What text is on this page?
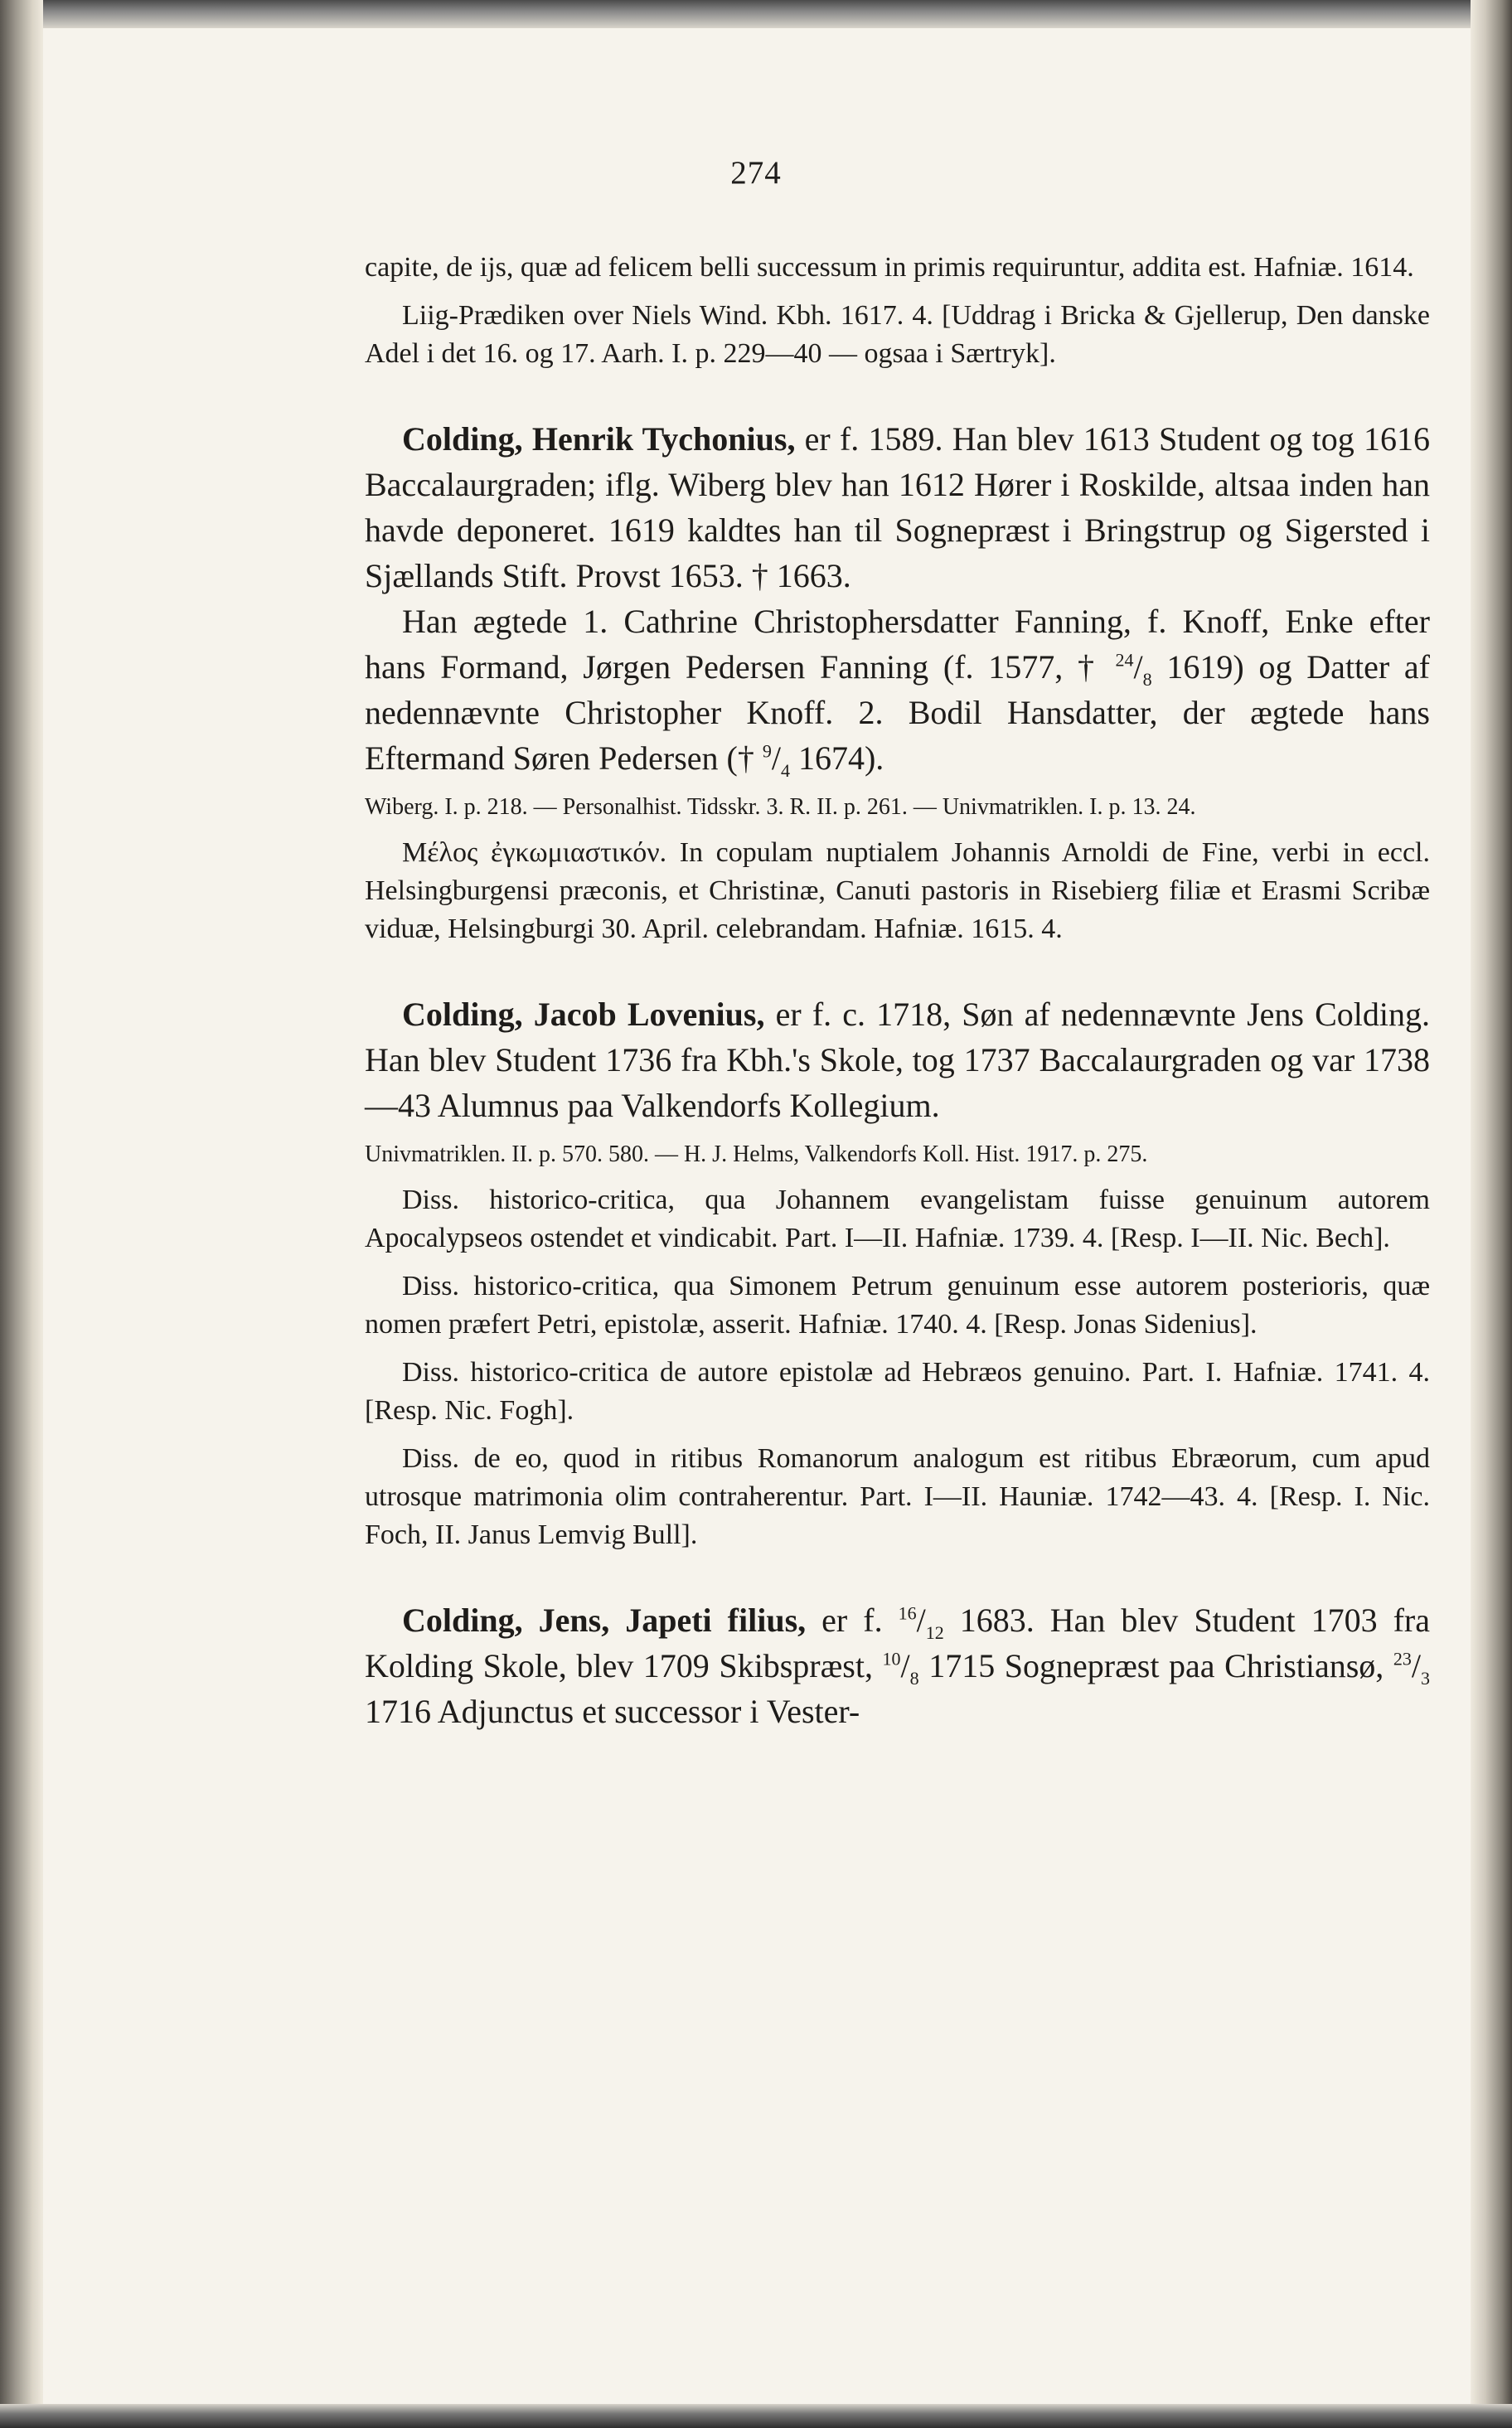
274

capite, de ijs, quæ ad felicem belli successum in primis requiruntur, addita est. Hafniæ. 1614.

Liig-Prædiken over Niels Wind. Kbh. 1617. 4. [Uddrag i Bricka & Gjellerup, Den danske Adel i det 16. og 17. Aarh. I. p. 229—40 — ogsaa i Særtryk].

Colding, Henrik Tychonius, er f. 1589. Han blev 1613 Student og tog 1616 Baccalaurgraden; iflg. Wiberg blev han 1612 Hører i Roskilde, altsaa inden han havde deponeret. 1619 kaldtes han til Sognepræst i Bringstrup og Sigersted i Sjællands Stift. Provst 1653. † 1663.

Han ægtede 1. Cathrine Christophersdatter Fanning, f. Knoff, Enke efter hans Formand, Jørgen Pedersen Fanning (f. 1577, † $^{24}/_8$ 1619) og Datter af nedennævnte Christopher Knoff. 2. Bodil Hansdatter, der ægtede hans Eftermand Søren Pedersen († $^9/_4$ 1674).

Wiberg. I. p. 218. — Personalhist. Tidsskr. 3. R. II. p. 261. — Univmatriklen. I. p. 13. 24.

Μέλος ἐγκωμιαστικόν. In copulam nuptialem Johannis Arnoldi de Fine, verbi in eccl. Helsingburgensi præconis, et Christinæ, Canuti pastoris in Risebierg filiæ et Erasmi Scribæ viduæ, Helsingburgi 30. April. celebrandam. Hafniæ. 1615. 4.

Colding, Jacob Lovenius, er f. c. 1718, Søn af nedennævnte Jens Colding. Han blev Student 1736 fra Kbh.'s Skole, tog 1737 Baccalaurgraden og var 1738—43 Alumnus paa Valkendorfs Kollegium.

Univmatriklen. II. p. 570. 580. — H. J. Helms, Valkendorfs Koll. Hist. 1917. p. 275.

Diss. historico-critica, qua Johannem evangelistam fuisse genuinum autorem Apocalypseos ostendet et vindicabit. Part. I—II. Hafniæ. 1739. 4. [Resp. I—II. Nic. Bech].

Diss. historico-critica, qua Simonem Petrum genuinum esse autorem posterioris, quæ nomen præfert Petri, epistolæ, asserit. Hafniæ. 1740. 4. [Resp. Jonas Sidenius].

Diss. historico-critica de autore epistolæ ad Hebræos genuino. Part. I. Hafniæ. 1741. 4. [Resp. Nic. Fogh].

Diss. de eo, quod in ritibus Romanorum analogum est ritibus Ebræorum, cum apud utrosque matrimonia olim contraherentur. Part. I—II. Hauniæ. 1742—43. 4. [Resp. I. Nic. Foch, II. Janus Lemvig Bull].

Colding, Jens, Japeti filius, er f. $^{16}/_{12}$ 1683. Han blev Student 1703 fra Kolding Skole, blev 1709 Skibspræst, $^{10}/_8$ 1715 Sognepræst paa Christiansø, $^{23}/_3$ 1716 Adjunctus et successor i Vester-
